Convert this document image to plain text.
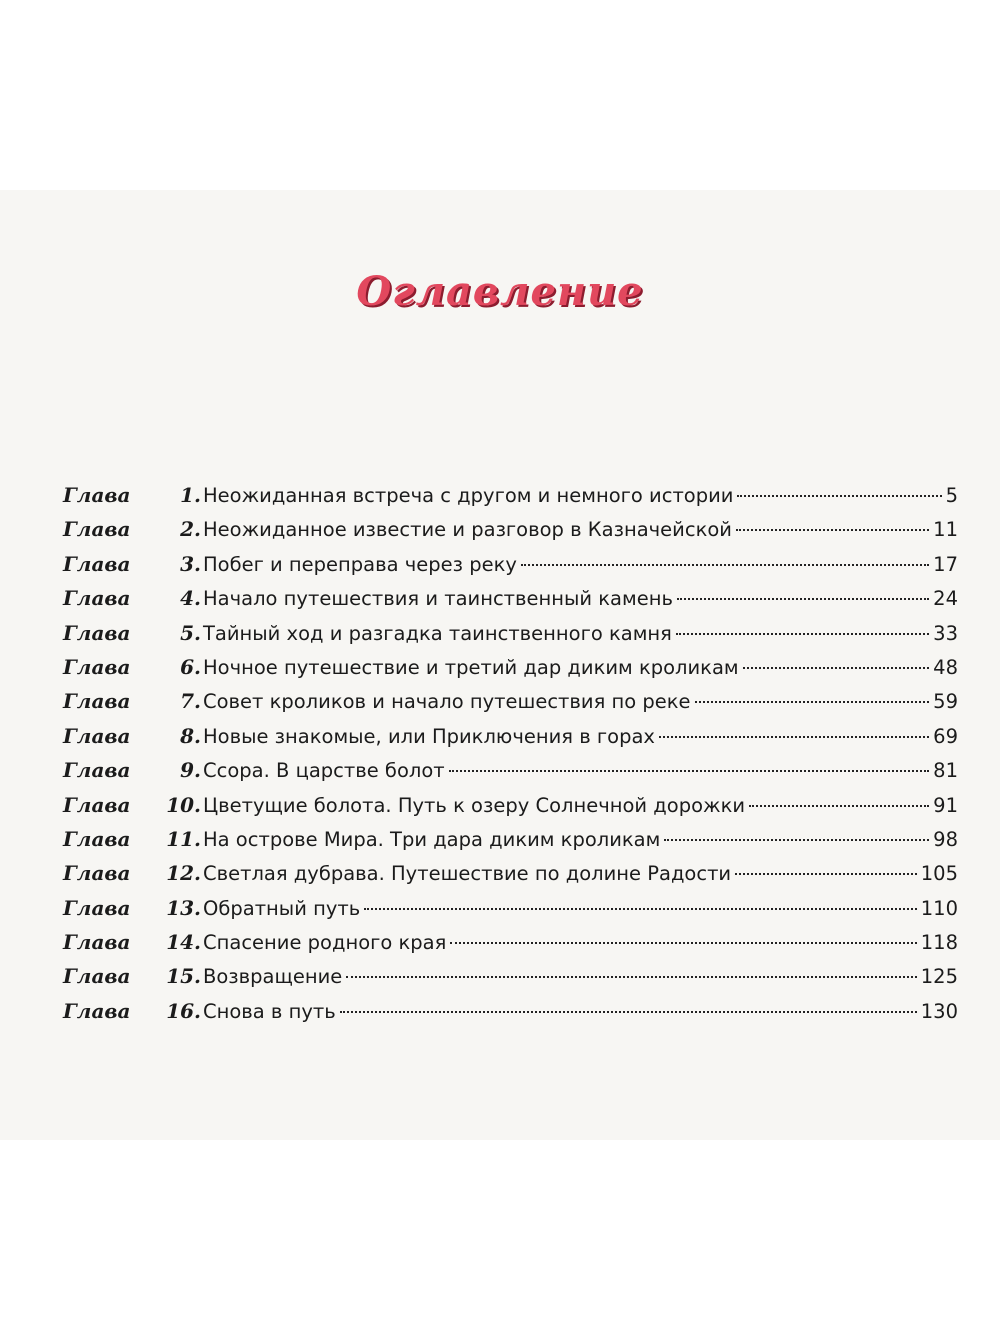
Оглавление
Глава 1. Неожиданная встреча с другом и немного истории	5
Глава 2. Неожиданное известие и разговор в Казначейской	11
Глава 3. Побег и переправа через реку	17
Глава 4. Начало путешествия и таинственный камень	24
Глава 5. Тайный ход и разгадка таинственного камня	33
Глава 6. Ночное путешествие и третий дар диким кроликам	48
Глава 7. Совет кроликов и начало путешествия по реке	59
Глава 8. Новые знакомые, или Приключения в горах	69
Глава 9. Ссора. В царстве болот	81
Глава 10. Цветущие болота. Путь к озеру Солнечной дорожки	91
Глава 11. На острове Мира. Три дара диким кроликам	98
Глава 12. Светлая дубрава. Путешествие по долине Радости	105
Глава 13. Обратный путь	110
Глава 14. Спасение родного края	118
Глава 15. Возвращение	125
Глава 16. Снова в путь	130
